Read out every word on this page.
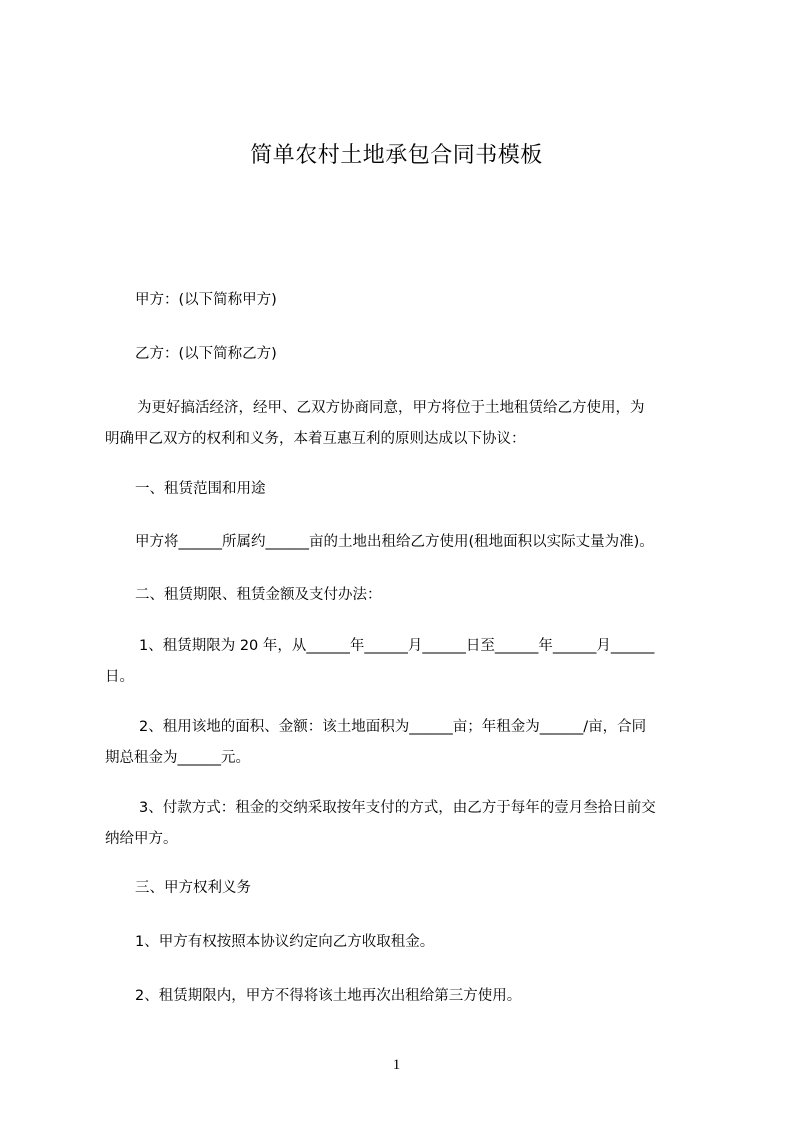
简单农村土地承包合同书模板
甲方：(以下简称甲方)
乙方：(以下简称乙方)
为更好搞活经济，经甲、乙双方协商同意，甲方将位于土地租赁给乙方使用，为
明确甲乙双方的权利和义务，本着互惠互利的原则达成以下协议：
一、租赁范围和用途
甲方将______所属约______亩的土地出租给乙方使用(租地面积以实际丈量为准)。
二、租赁期限、租赁金额及支付办法：
1、租赁期限为 20 年，从______年______月______日至______年______月______
日。
2、租用该地的面积、金额：该土地面积为______亩；年租金为______/亩，合同
期总租金为______元。
3、付款方式：租金的交纳采取按年支付的方式，由乙方于每年的壹月叁拾日前交
纳给甲方。
三、甲方权利义务
1、甲方有权按照本协议约定向乙方收取租金。
2、租赁期限内，甲方不得将该土地再次出租给第三方使用。
1
